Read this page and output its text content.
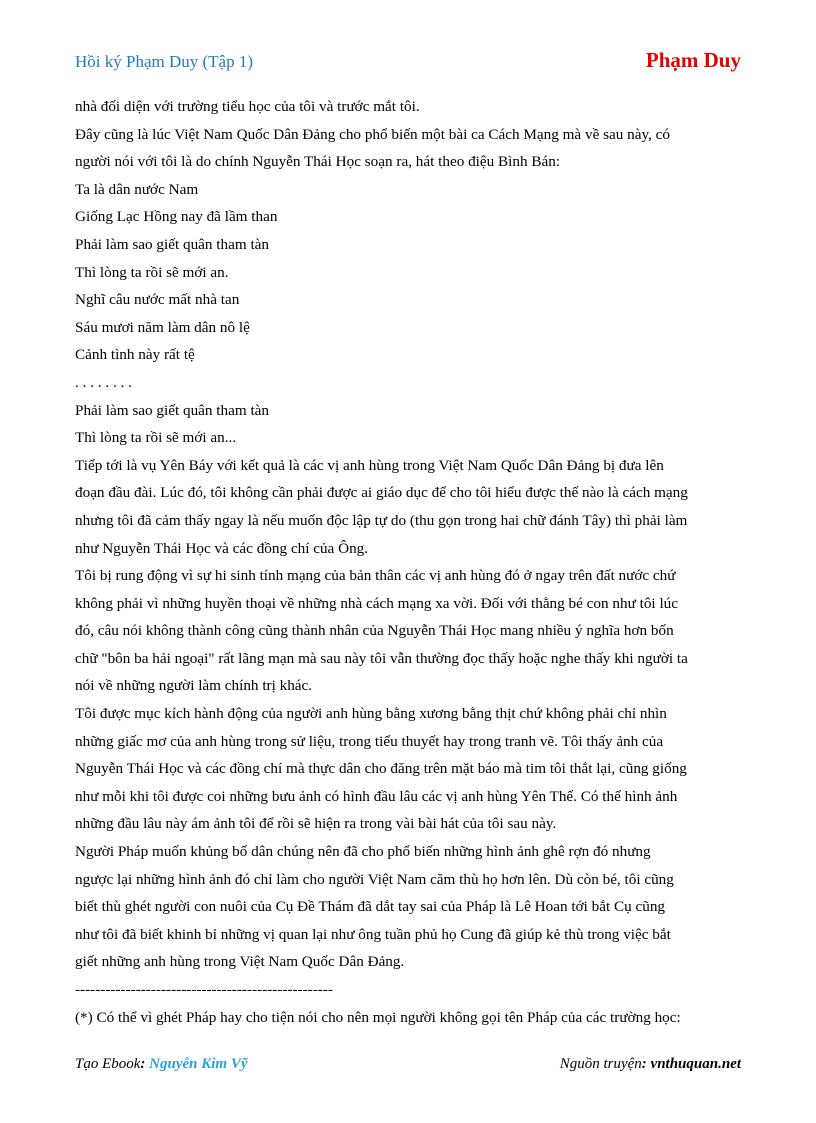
Hồi ký Phạm Duy (Tập 1)	Phạm Duy
nhà đối diện với trường tiểu học của tôi và trước mắt tôi.
Đây cũng là lúc Việt Nam Quốc Dân Đảng cho phổ biến một bài ca Cách Mạng mà về sau này, có
người nói với tôi là do chính Nguyễn Thái Học soạn ra, hát theo điệu Bình Bán:
Ta là dân nước Nam
Giống Lạc Hồng nay đã lầm than
Phải làm sao giết quân tham tàn
Thì lòng ta rồi sẽ mới an.
Nghĩ câu nước mất nhà tan
Sáu mươi năm làm dân nô lệ
Cảnh tình này rất tệ
. . . . . . . .
Phải làm sao giết quân tham tàn
Thì lòng ta rồi sẽ mới an...
Tiếp tới là vụ Yên Báy với kết quả là các vị anh hùng trong Việt Nam Quốc Dân Đảng bị đưa lên
đoạn đầu đài. Lúc đó, tôi không cần phải được ai giáo dục để cho tôi hiểu được thế nào là cách mạng
nhưng tôi đã cảm thấy ngay là nếu muốn độc lập tự do (thu gọn trong hai chữ đánh Tây) thì phải làm
như Nguyễn Thái Học và các đồng chí của Ông.
Tôi bị rung động vì sự hi sinh tính mạng của bản thân các vị anh hùng đó ở ngay trên đất nước chứ
không phải vì những huyền thoại về những nhà cách mạng xa vời. Đối với thằng bé con như tôi lúc
đó, câu nói không thành công cũng thành nhân của Nguyễn Thái Học mang nhiều ý nghĩa hơn bốn
chữ "bôn ba hải ngoại" rất lãng mạn mà sau này tôi vẫn thường đọc thấy hoặc nghe thấy khi người ta
nói về những người làm chính trị khác.
Tôi được mục kích hành động của người anh hùng bằng xương bằng thịt chứ không phải chỉ nhìn
những giấc mơ của anh hùng trong sử liệu, trong tiểu thuyết hay trong tranh vẽ. Tôi thấy ảnh của
Nguyễn Thái Học và các đồng chí mà thực dân cho đăng trên mặt báo mà tim tôi thắt lại, cũng giống
như mỗi khi tôi được coi những bưu ảnh có hình đầu lâu các vị anh hùng Yên Thế. Có thể hình ảnh
những đầu lâu này ám ảnh tôi để rồi sẽ hiện ra trong vài bài hát của tôi sau này.
Người Pháp muốn khủng bố dân chúng nên đã cho phổ biến những hình ảnh ghê rợn đó nhưng
ngược lại những hình ảnh đó chỉ làm cho người Việt Nam căm thù họ hơn lên. Dù còn bé, tôi cũng
biết thù ghét người con nuôi của Cụ Đề Thám đã dắt tay sai của Pháp là Lê Hoan tới bắt Cụ cũng
như tôi đã biết khinh bỉ những vị quan lại như ông tuần phủ họ Cung đã giúp kẻ thù trong việc bắt
giết những anh hùng trong Việt Nam Quốc Dân Đảng.
---------------------------------------------------
(*) Có thể vì ghét Pháp hay cho tiện nói cho nên mọi người không gọi tên Pháp của các trường học:
Tạo Ebook: Nguyễn Kim Vỹ	Nguồn truyện: vnthuquan.net
